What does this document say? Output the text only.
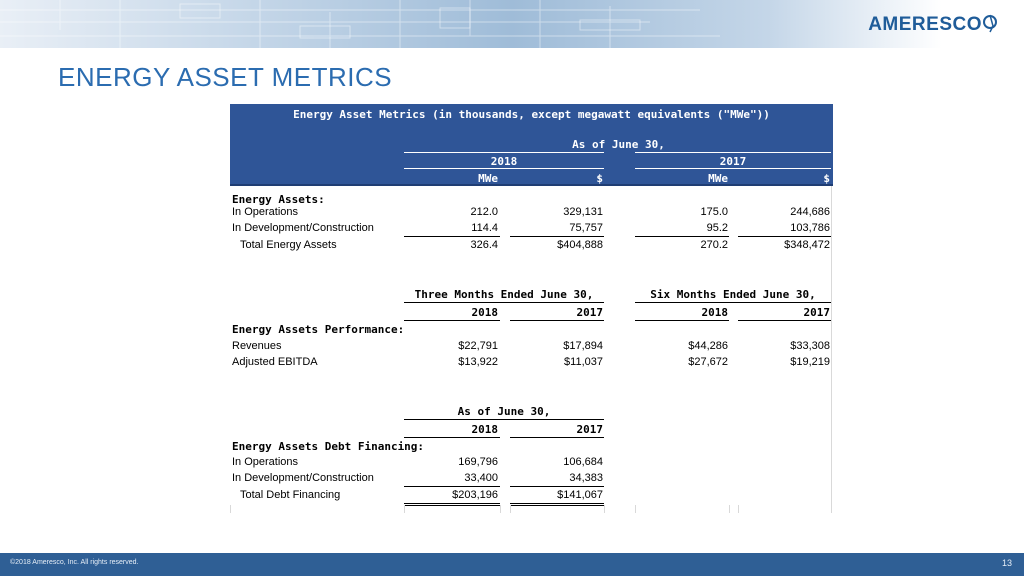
AMERESCO
ENERGY ASSET METRICS
Energy Asset Metrics (in thousands, except megawatt equivalents ("MWe"))
As of June 30,
2018	2017
MWe	$	MWe	$
Energy Assets:
In Operations	212.0	329,131	175.0	244,686
In Development/Construction	114.4	75,757	95.2	103,786
Total Energy Assets	326.4	$404,888	270.2	$348,472
Three Months Ended June 30,	Six Months Ended June 30,
2018	2017	2018	2017
Energy Assets Performance:
Revenues	$22,791	$17,894	$44,286	$33,308
Adjusted EBITDA	$13,922	$11,037	$27,672	$19,219
As of June 30,
2018	2017
Energy Assets Debt Financing:
In Operations	169,796	106,684
In Development/Construction	33,400	34,383
Total Debt Financing	$203,196	$141,067
©2018 Ameresco, Inc. All rights reserved.	13
